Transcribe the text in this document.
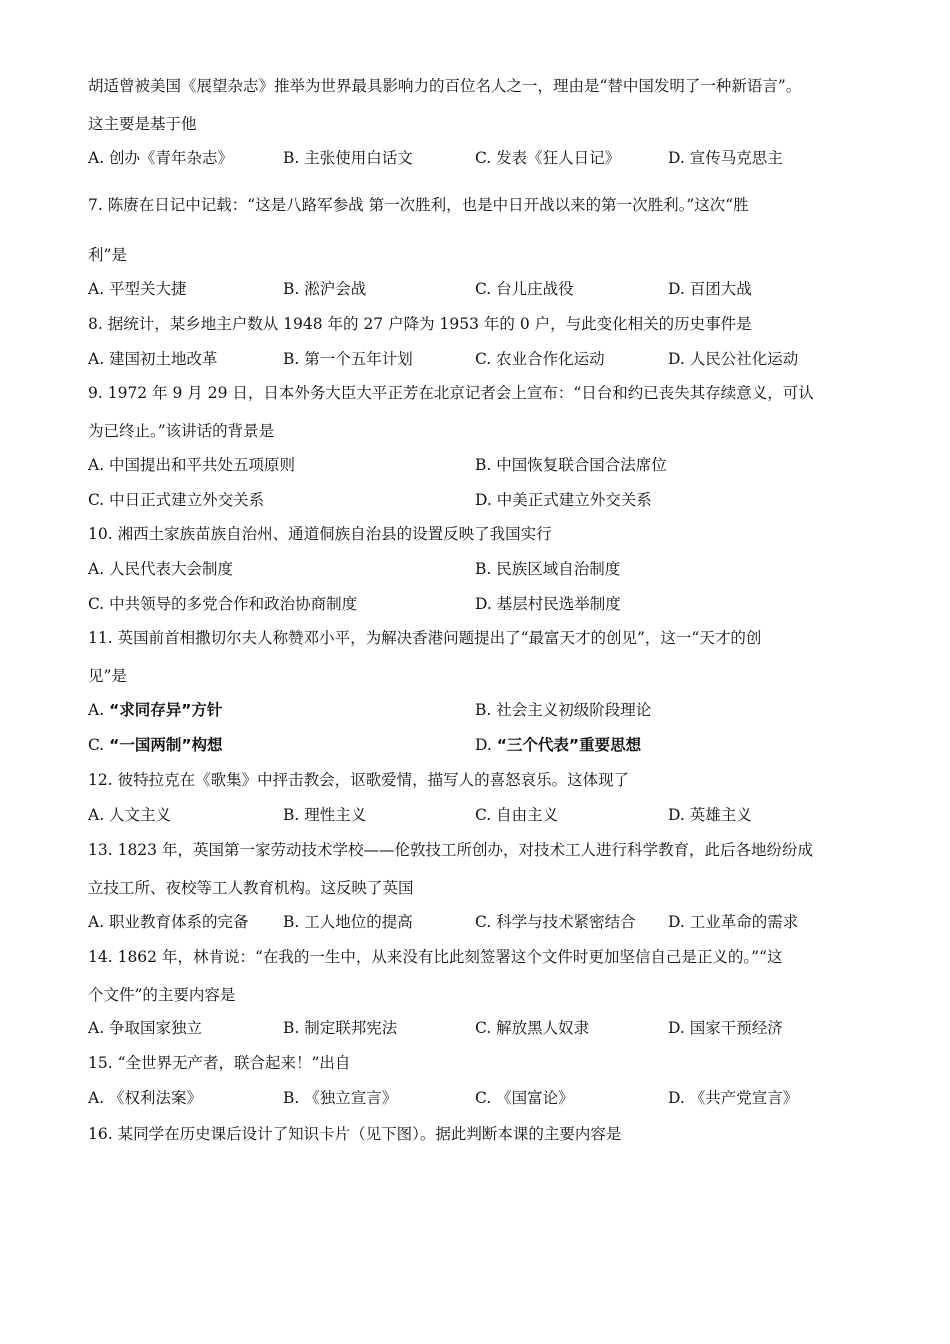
胡适曾被美国《展望杂志》推举为世界最具影响力的百位名人之一，理由是“替中国发明了一种新语言”。
这主要是基于他
A. 创办《青年杂志》	B. 主张使用白话文	C. 发表《狂人日记》	D. 宣传马克思主
7. 陈赓在日记中记载：“这是八路军参战 第一次胜利，也是中日开战以来的第一次胜利。”这次“胜
利”是
A. 平型关大捷	B. 淞沪会战	C. 台儿庄战役	D. 百团大战
8. 据统计，某乡地主户数从 1948 年的 27 户降为 1953 年的 0 户，与此变化相关的历史事件是
A. 建国初土地改革	B. 第一个五年计划	C. 农业合作化运动	D. 人民公社化运动
9. 1972 年 9 月 29 日，日本外务大臣大平正芳在北京记者会上宣布：“日台和约已丧失其存续意义，可认
为已终止。”该讲话的背景是
A. 中国提出和平共处五项原则	B. 中国恢复联合国合法席位
C. 中日正式建立外交关系	D. 中美正式建立外交关系
10. 湘西土家族苗族自治州、通道侗族自治县的设置反映了我国实行
A. 人民代表大会制度	B. 民族区域自治制度
C. 中共领导的多党合作和政治协商制度	D. 基层村民选举制度
11. 英国前首相撒切尔夫人称赞邓小平，为解决香港问题提出了“最富天才的创见”，这一“天才的创
见”是
A. “求同存异”方针	B. 社会主义初级阶段理论
C. “一国两制”构想	D. “三个代表”重要思想
12. 彼特拉克在《歌集》中抨击教会，讴歌爱情，描写人的喜怒哀乐。这体现了
A. 人文主义	B. 理性主义	C. 自由主义	D. 英雄主义
13. 1823 年，英国第一家劳动技术学校——伦敦技工所创办，对技术工人进行科学教育，此后各地纷纷成
立技工所、夜校等工人教育机构。这反映了英国
A. 职业教育体系的完备 B. 工人地位的提高	C. 科学与技术紧密结合 D. 工业革命的需求
14. 1862 年，林肯说：“在我的一生中，从来没有比此刻签署这个文件时更加坚信自己是正义的。”“这
个文件”的主要内容是
A. 争取国家独立	B. 制定联邦宪法	C. 解放黑人奴隶	D. 国家干预经济
15. “全世界无产者，联合起来！”出自
A. 《权利法案》	B. 《独立宣言》	C. 《国富论》	D. 《共产党宣言》
16. 某同学在历史课后设计了知识卡片（见下图）。据此判断本课的主要内容是
